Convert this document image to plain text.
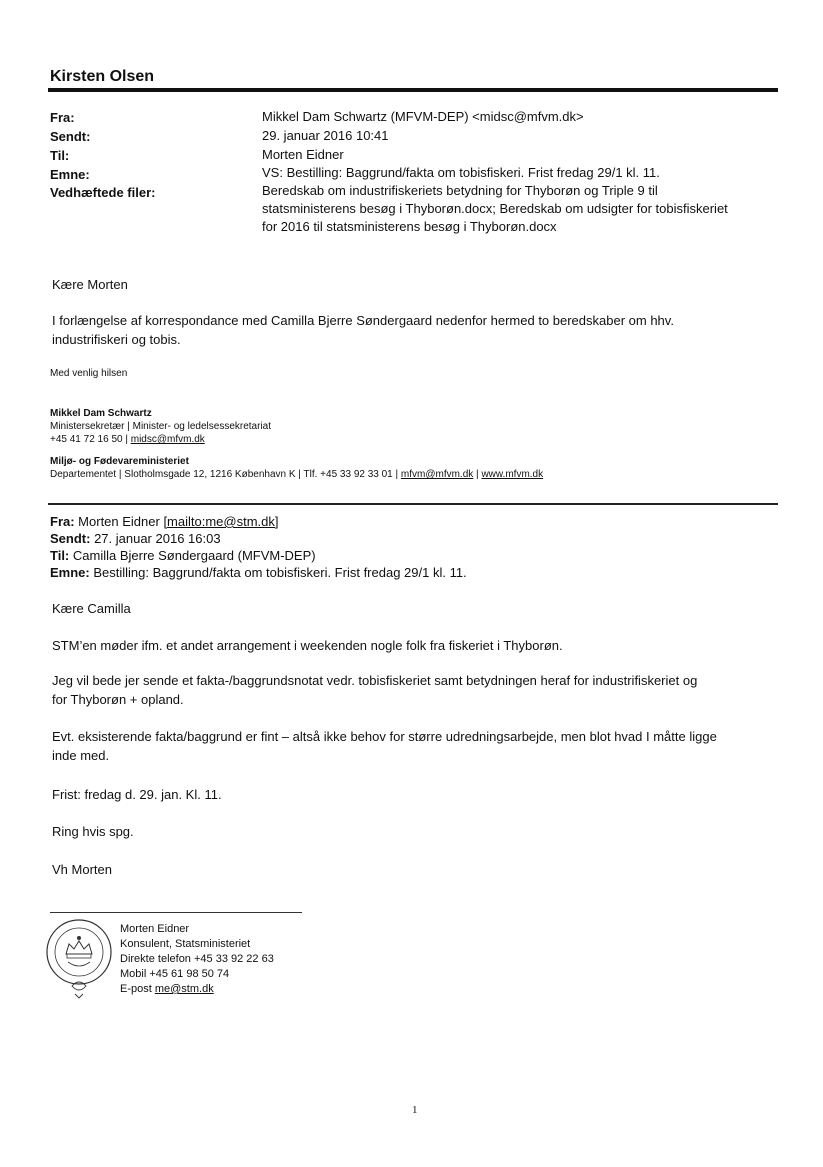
Kirsten Olsen
Fra:	Mikkel Dam Schwartz (MFVM-DEP) <midsc@mfvm.dk>
Sendt:	29. januar 2016 10:41
Til:	Morten Eidner
Emne:	VS: Bestilling: Baggrund/fakta om tobisfiskeri. Frist fredag 29/1 kl. 11.
Vedhæftede filer:	Beredskab om industrifiskeriets betydning for Thyborøn og Triple 9 til
statsministerens besøg i Thyborøn.docx; Beredskab om udsigter for tobisfiskeriet
for 2016 til statsministerens besøg i Thyborøn.docx
Kære Morten
I forlængelse af korrespondance med Camilla Bjerre Søndergaard nedenfor hermed to beredskaber om hhv.
industrifiskeri og tobis.
Med venlig hilsen
Mikkel Dam Schwartz
Ministersekretær | Minister- og ledelsessekretariat
+45 41 72 16 50 | midsc@mfvm.dk
Miljø- og Fødevareministeriet
Departementet | Slotholmsgade 12, 1216 København K | Tlf. +45 33 92 33 01 | mfvm@mfvm.dk | www.mfvm.dk
Fra: Morten Eidner [mailto:me@stm.dk]
Sendt: 27. januar 2016 16:03
Til: Camilla Bjerre Søndergaard (MFVM-DEP)
Emne: Bestilling: Baggrund/fakta om tobisfiskeri. Frist fredag 29/1 kl. 11.
Kære Camilla
STM’en møder ifm. et andet arrangement i weekenden nogle folk fra fiskeriet i Thyborøn.
Jeg vil bede jer sende et fakta-/baggrundsnotat vedr. tobisfiskeriet samt betydningen heraf for industrifiskeriet og
for Thyborøn + opland.
Evt. eksisterende fakta/baggrund er fint – altså ikke behov for større udredningsarbejde, men blot hvad I måtte ligge
inde med.
Frist: fredag d. 29. jan. Kl. 11.
Ring hvis spg.
Vh Morten
Morten Eidner
Konsulent, Statsministeriet
Direkte telefon +45 33 92 22 63
Mobil +45 61 98 50 74
E-post me@stm.dk
1
